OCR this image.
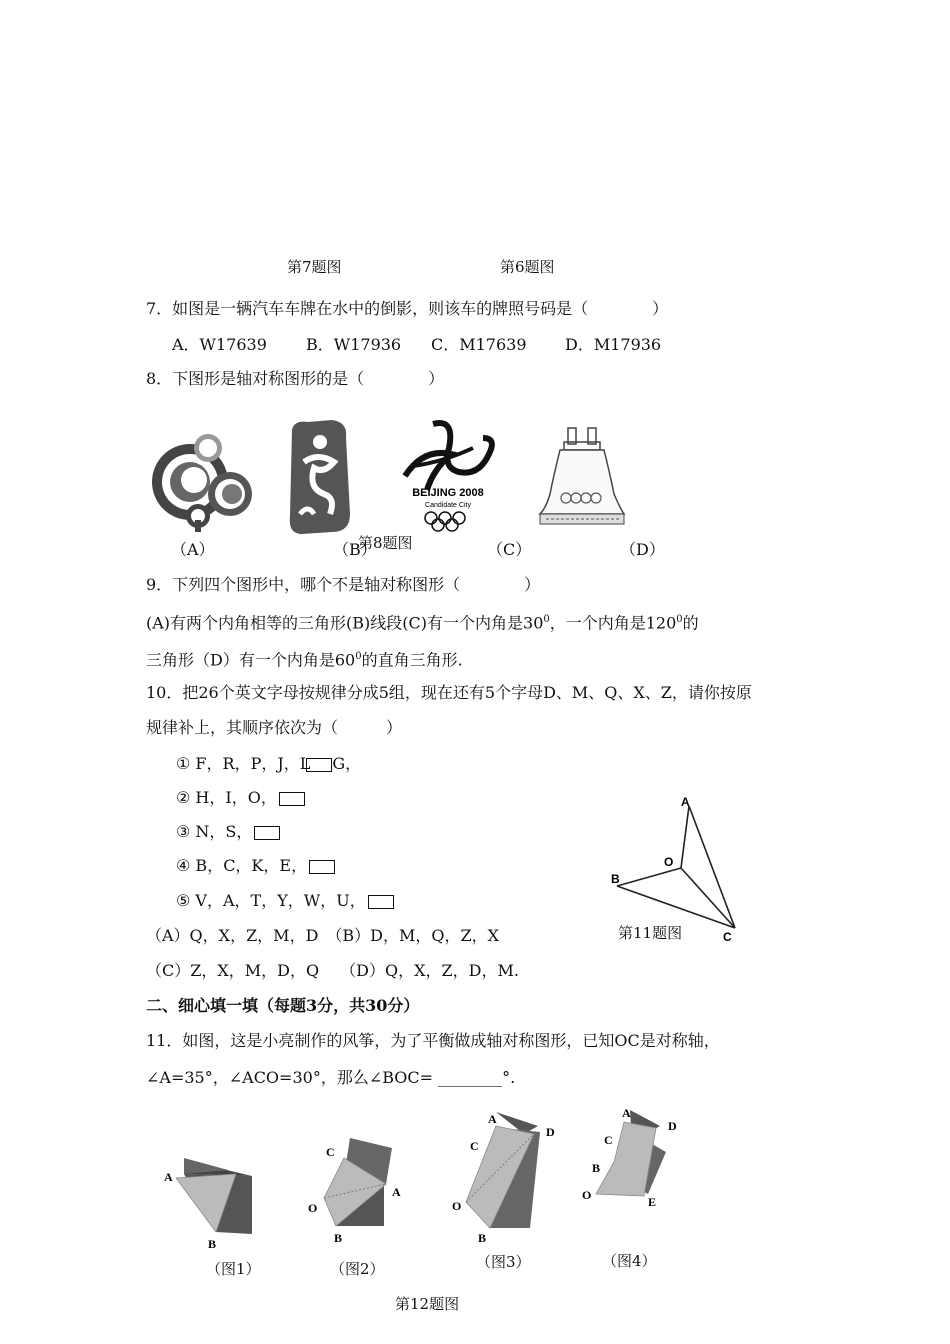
第7题图	第6题图
7．如图是一辆汽车车牌在水中的倒影，则该车的牌照号码是（　　　　）
A．W17639 B．W17936 C．M17639 D．M17936
8．下图形是轴对称图形的是（　　　　）
BEIJING 2008
Candidate City
（A）	（B）
第8题图	（C）	（D）
9．下列四个图形中，哪个不是轴对称图形（　　　　）
(A)有两个内角相等的三角形(B)线段(C)有一个内角是$30^0$，一个内角是$120^0$的
三角形（D）有一个内角是$60^0$的直角三角形.
10．把26个英文字母按规律分成5组，现在还有5个字母D、M、Q、X、Z，请你按原
规律补上，其顺序依次为（　　　）
① F，R，P，J，L G，
② H，I，O，
③ N，S，
④ B，C，K，E，
⑤ V，A，T，Y，W，U，
（A）Q，X，Z，M，D　（B）D，M，Q，Z，X
（C）Z，X，M，D，Q　 （D）Q，X，Z，D，M.
A
B
O
C
第11题图
二、细心填一填（每题3分，共30分）
11．如图，这是小亮制作的风筝，为了平衡做成轴对称图形，已知OC是对称轴，
∠A=35°，∠ACO=30°，那么∠BOC= ________°.
A
B
（图1）
C
A
O
B
（图2）
A
C
D
O
B
（图3）
A
C
D
B
O	E
（图4）
第12题图
